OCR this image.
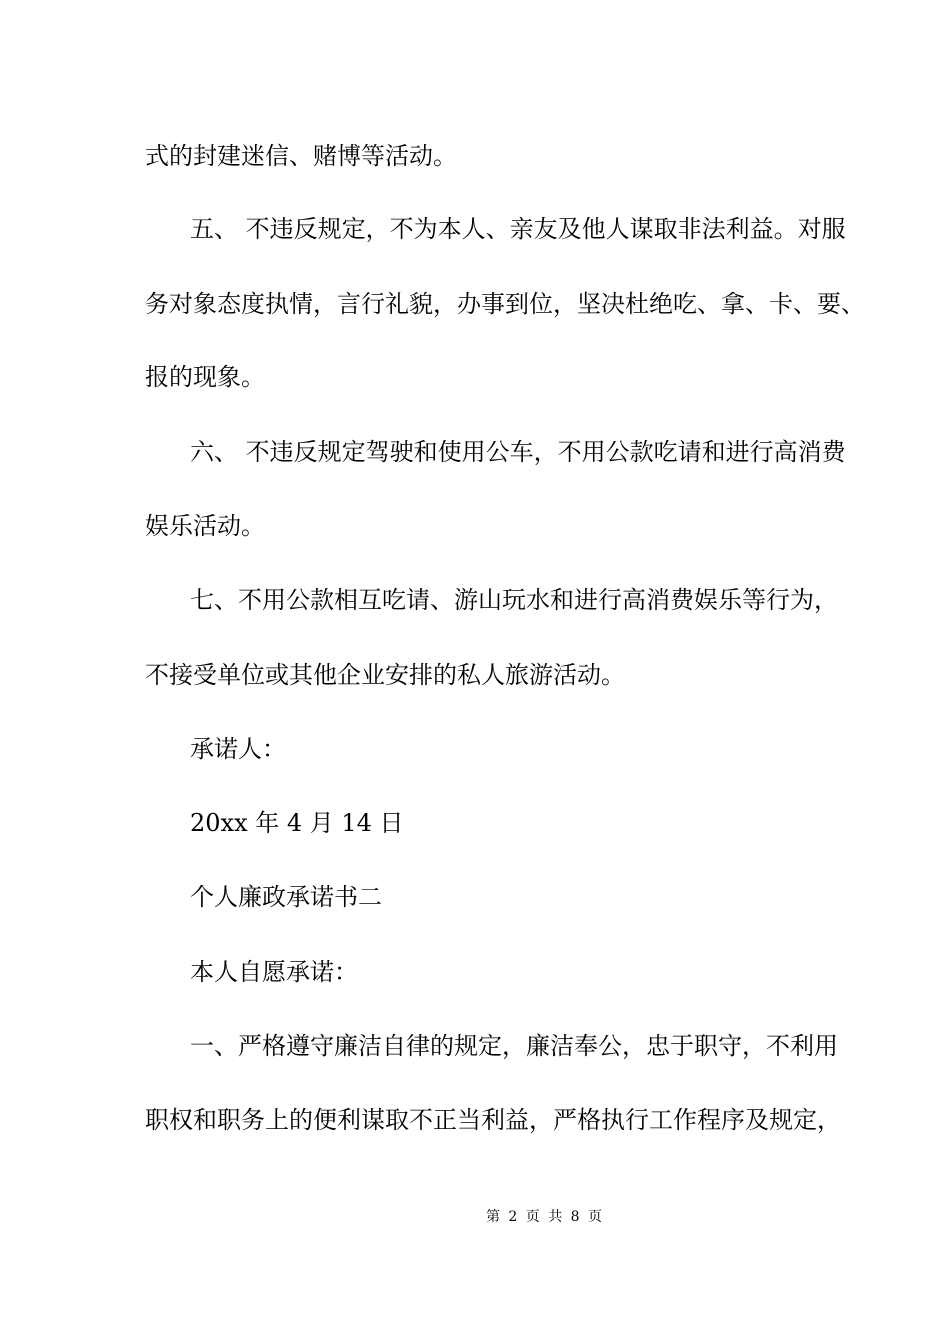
式的封建迷信、赌博等活动。

五、 不违反规定，不为本人、亲友及他人谋取非法利益。对服

务对象态度执情，言行礼貌，办事到位，坚决杜绝吃、拿、卡、要、

报的现象。

六、 不违反规定驾驶和使用公车，不用公款吃请和进行高消费

娱乐活动。

七、不用公款相互吃请、游山玩水和进行高消费娱乐等行为，

不接受单位或其他企业安排的私人旅游活动。

承诺人：

20xx 年 4 月 14 日

个人廉政承诺书二

本人自愿承诺：

一、严格遵守廉洁自律的规定，廉洁奉公，忠于职守，不利用

职权和职务上的便利谋取不正当利益，严格执行工作程序及规定，

第 2 页 共 8 页
